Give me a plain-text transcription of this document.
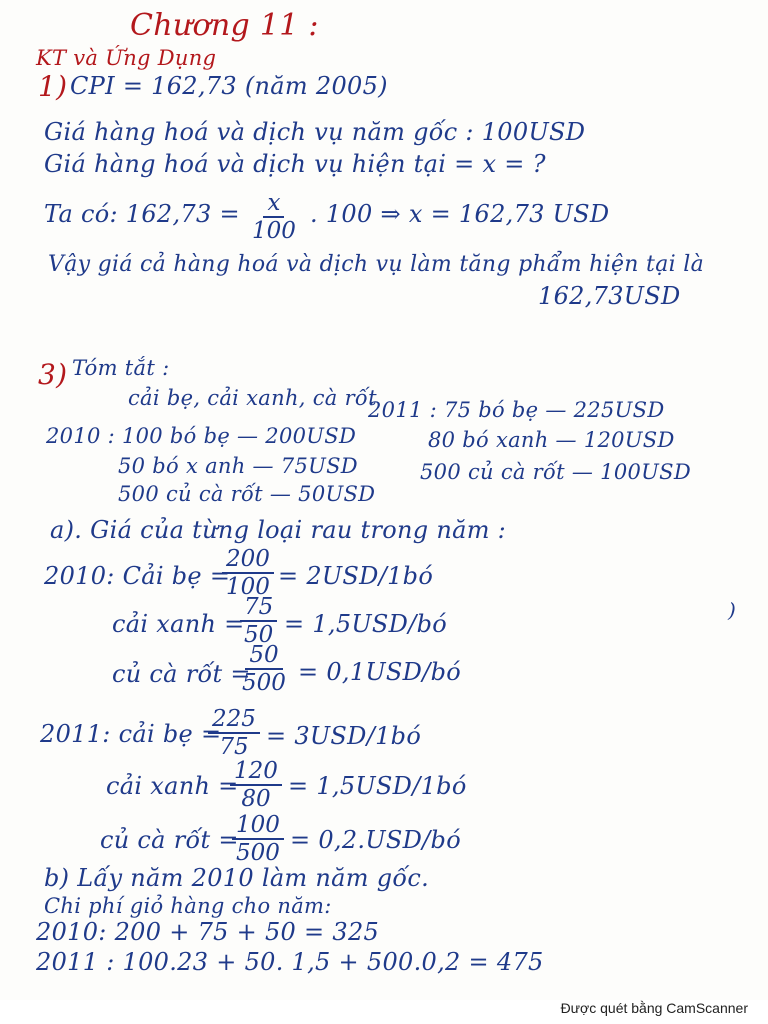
Chương 11 :
KT và Ứng Dụng
1) CPI = 162,73 (năm 2005)
Giá hàng hoá và dịch vụ năm gốc : 100USD
Giá hàng hoá và dịch vụ hiện tại = x = ?
Ta có: $162,73 = \frac{x}{100}$ . 100 ⇒ x = 162,73 USD
Vậy giá cả hàng hoá và dịch vụ làm tăng phẩm hiện tại là
162,73USD
3) Tóm tắt :
cải bẹ, cải xanh, cà rốt
2010 : 100 bó bẹ — 200USD
50 bó x anh — 75USD
500 củ cà rốt — 50USD
2011 : 75 bó bẹ — 225USD
80 bó xanh — 120USD
500 củ cà rốt — 100USD
a). Giá của từng loại rau trong năm :
2010: Cải bẹ =
$\frac{200}{100}$ = 2USD/1bó
cải xanh =
$\frac{75}{50}$ = 1,5USD/bó
củ cà rốt =
$\frac{50}{500}$ = 0,1USD/bó
2011: cải bẹ =
$\frac{225}{75}$ = 3USD/1bó
cải xanh =
$\frac{120}{80}$ = 1,5USD/1bó
củ cà rốt =
$\frac{100}{500}$ = 0,2.USD/bó
b) Lấy năm 2010 làm năm gốc.
Chi phí giỏ hàng cho năm:
2010: 200 + 75 + 50 = 325
2011 : 100.23 + 50. 1,5 + 500.0,2 = 475
)
Được quét bằng CamScanner
